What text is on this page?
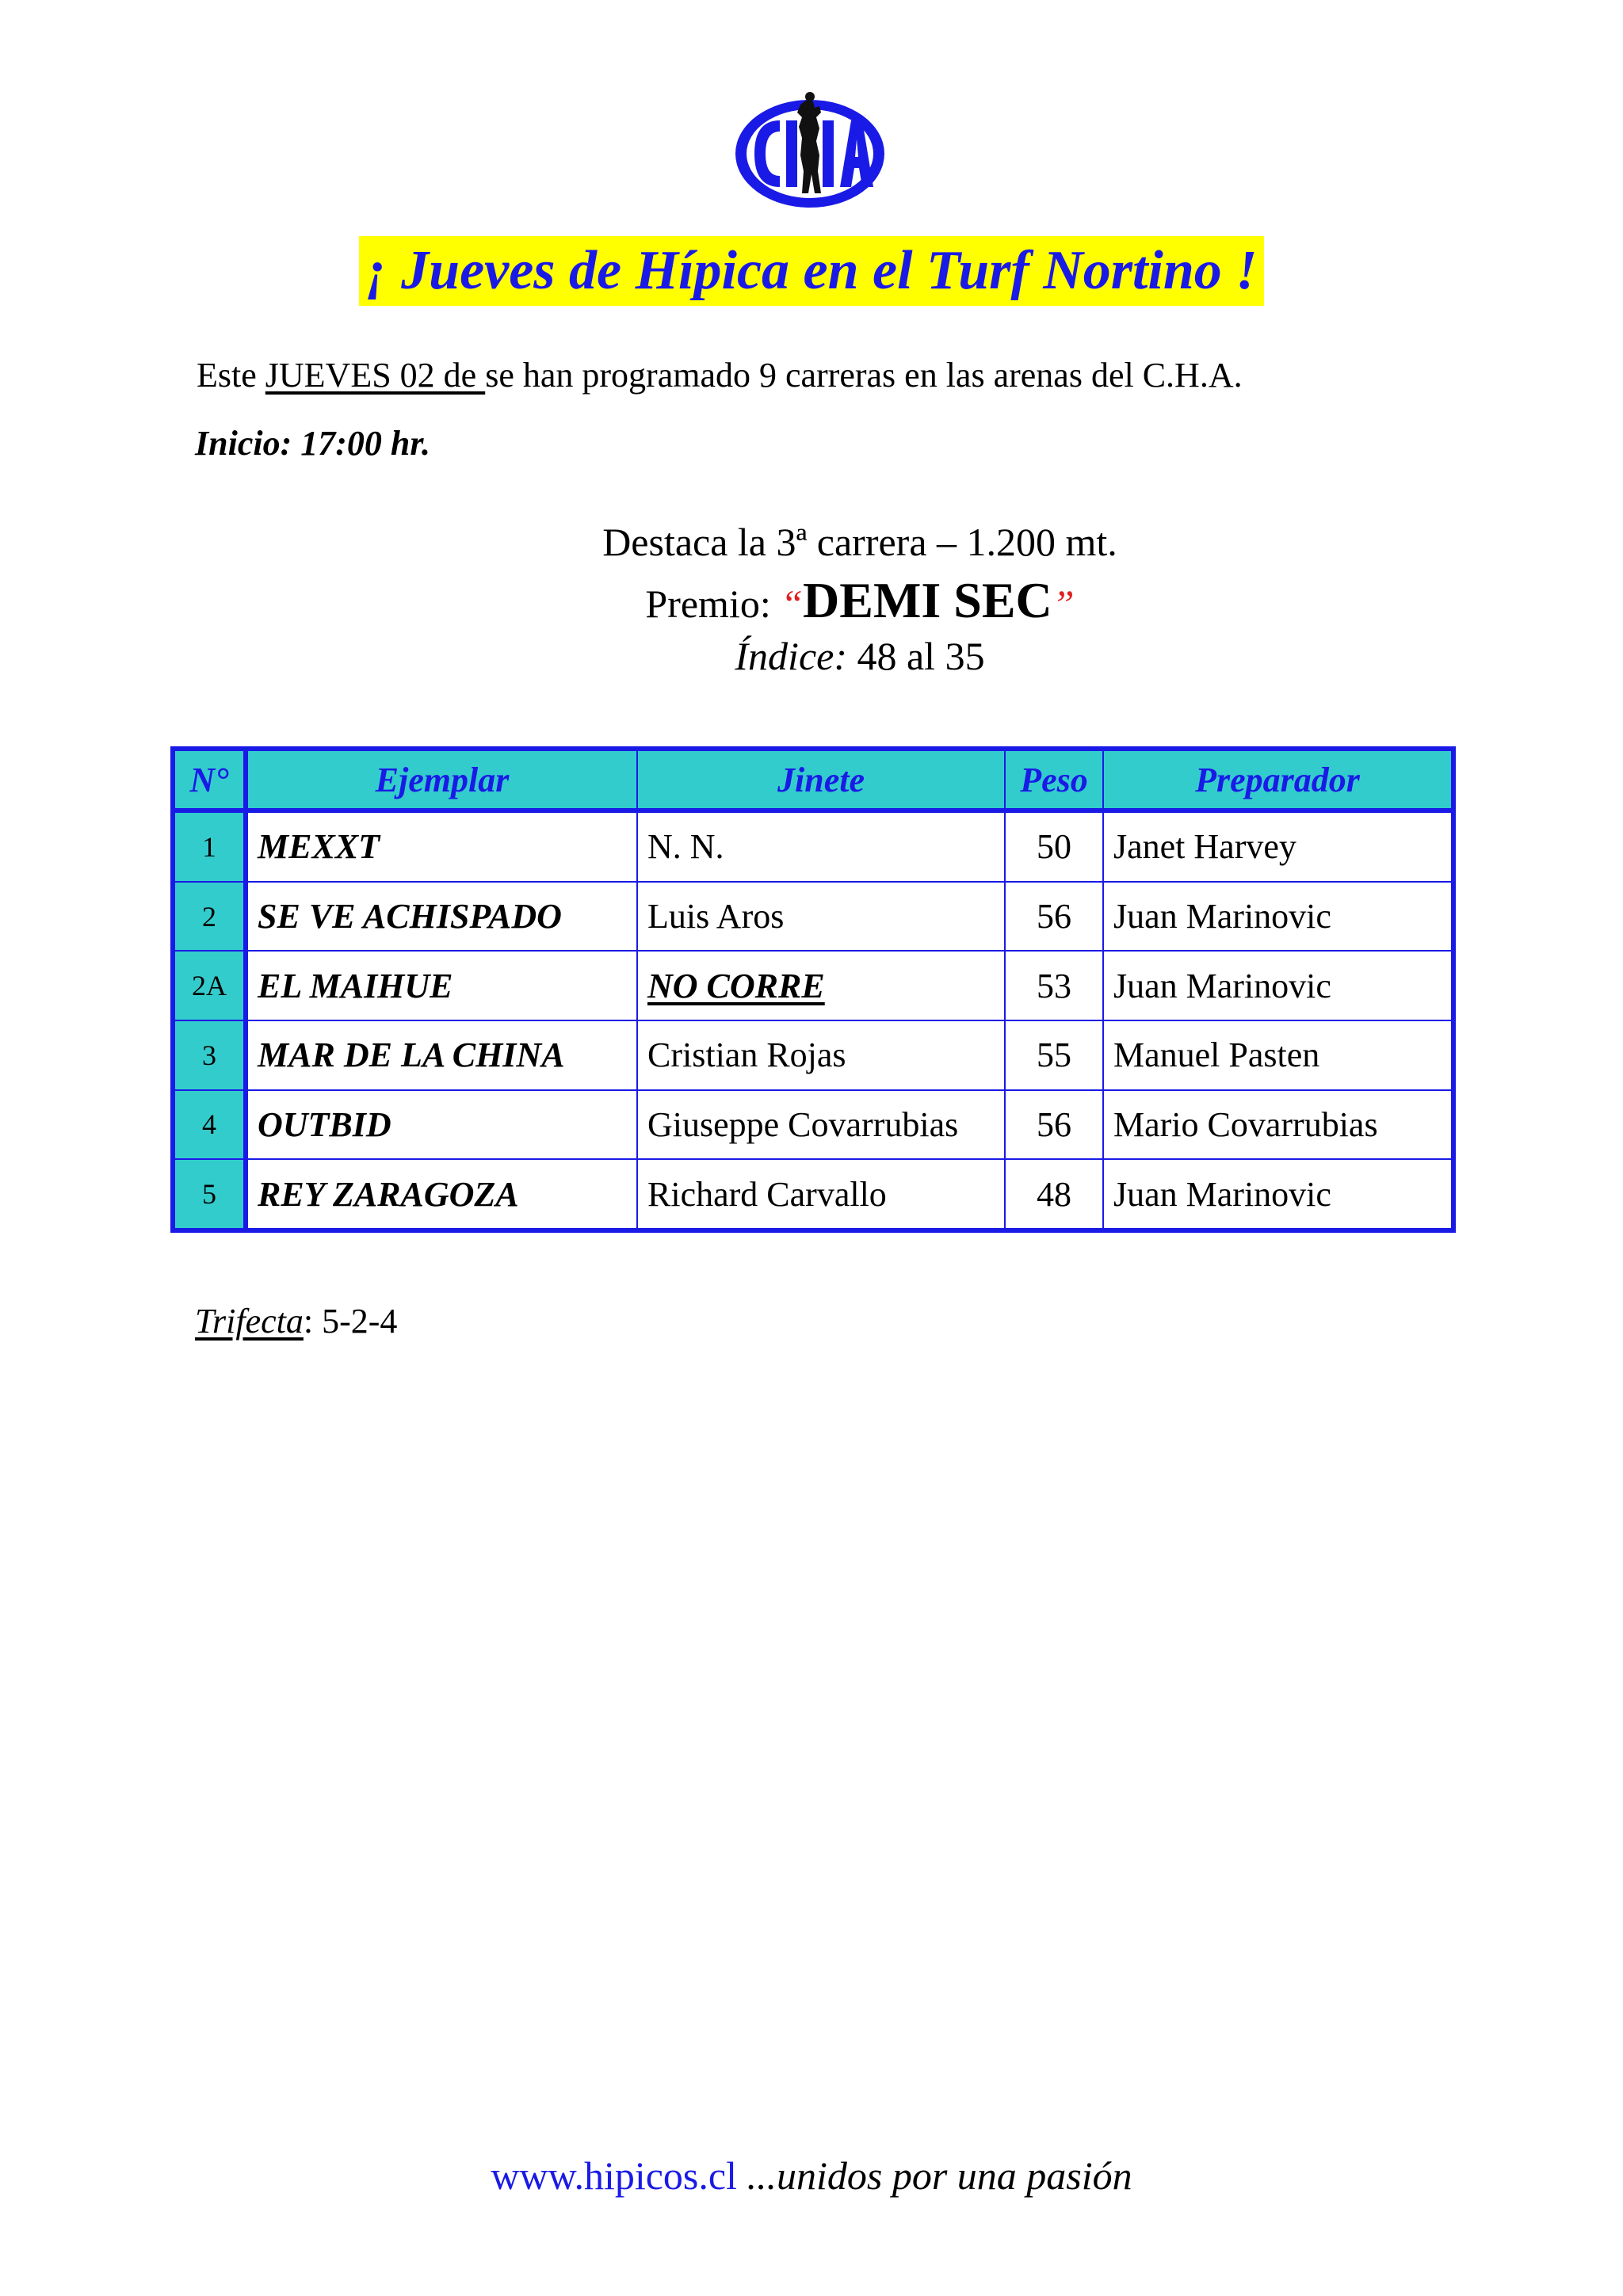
¡ Jueves de Hípica en el Turf Nortino !
Este JUEVES 02 de se han programado 9 carreras en las arenas del C.H.A.
Inicio: 17:00 hr.
Destaca la 3ª carrera – 1.200 mt.
Premio: “DEMI SEC”
Índice: 48 al 35
N°	Ejemplar	Jinete	Peso	Preparador
1	MEXXT	N. N.	50	Janet Harvey
2	SE VE ACHISPADO	Luis Aros	56	Juan Marinovic
2A	EL MAIHUE	NO CORRE	53	Juan Marinovic
3	MAR DE LA CHINA	Cristian Rojas	55	Manuel Pasten
4	OUTBID	Giuseppe Covarrubias	56	Mario Covarrubias
5	REY ZARAGOZA	Richard Carvallo	48	Juan Marinovic
Trifecta: 5-2-4
www.hipicos.cl ...unidos por una pasión
